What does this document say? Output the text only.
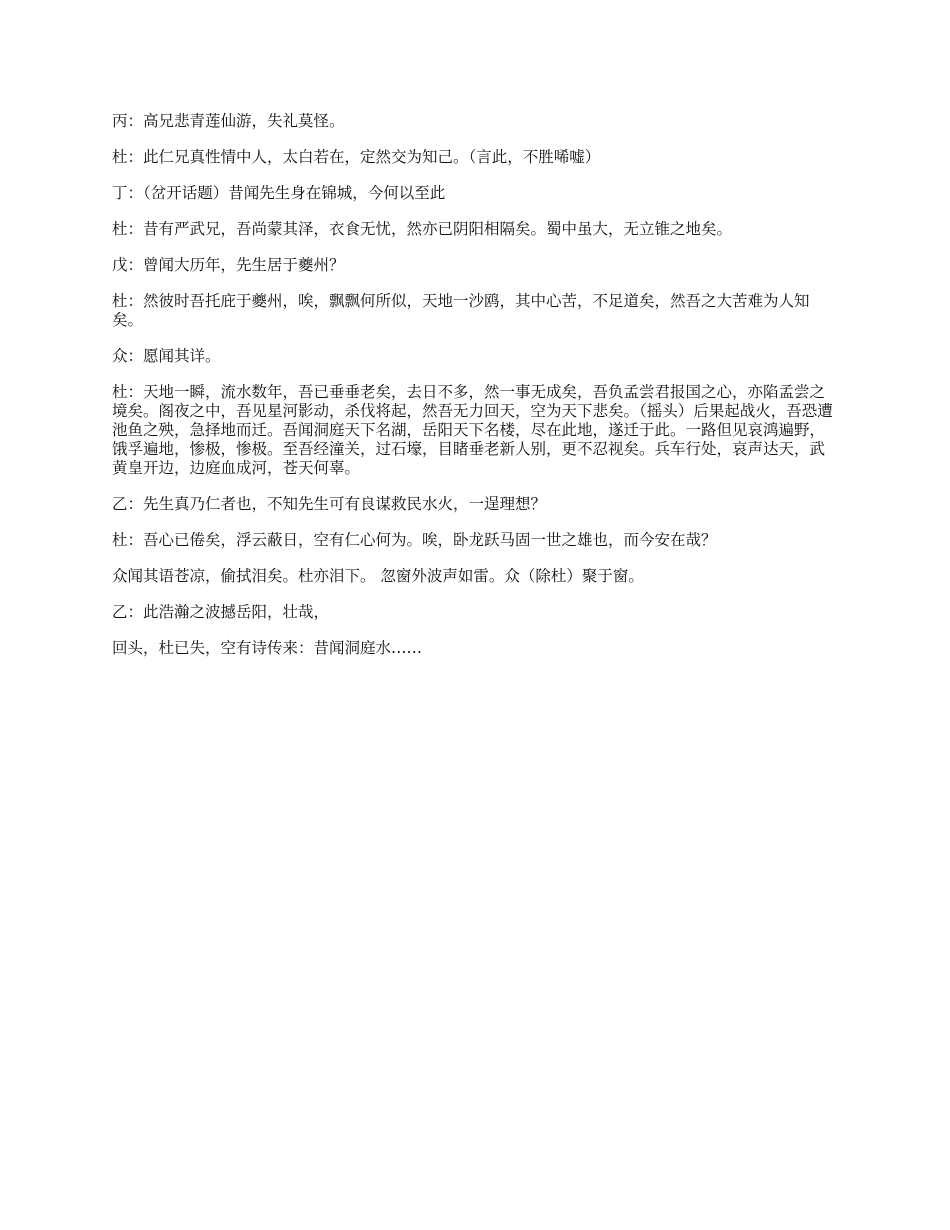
丙：高兄悲青莲仙游，失礼莫怪。

杜：此仁兄真性情中人，太白若在，定然交为知己。（言此，不胜唏嘘）

丁：（岔开话题）昔闻先生身在锦城，今何以至此

杜：昔有严武兄，吾尚蒙其泽，衣食无忧，然亦已阴阳相隔矣。蜀中虽大，无立锥之地矣。

戊：曾闻大历年，先生居于夔州？

杜：然彼时吾托庇于夔州，唉，飘飘何所似，天地一沙鸥，其中心苦，不足道矣，然吾之大苦难为人知矣。

众：愿闻其详。

杜：天地一瞬，流水数年，吾已垂垂老矣，去日不多，然一事无成矣，吾负孟尝君报国之心，亦陷孟尝之境矣。阁夜之中，吾见星河影动，杀伐将起，然吾无力回天，空为天下悲矣。（摇头）后果起战火，吾恐遭池鱼之殃，急择地而迁。吾闻洞庭天下名湖，岳阳天下名楼，尽在此地，遂迁于此。一路但见哀鸿遍野，饿孚遍地，惨极，惨极。至吾经潼关，过石壕，目睹垂老新人别，更不忍视矣。兵车行处，哀声达天，武黄皇开边，边庭血成河，苍天何辜。

乙：先生真乃仁者也，不知先生可有良谋救民水火，一逞理想？

杜：吾心已倦矣，浮云蔽日，空有仁心何为。唉，卧龙跃马固一世之雄也，而今安在哉？

众闻其语苍凉，偷拭泪矣。杜亦泪下。 忽窗外波声如雷。众（除杜）聚于窗。

乙：此浩瀚之波撼岳阳，壮哉，

回头，杜已失，空有诗传来：昔闻洞庭水……
